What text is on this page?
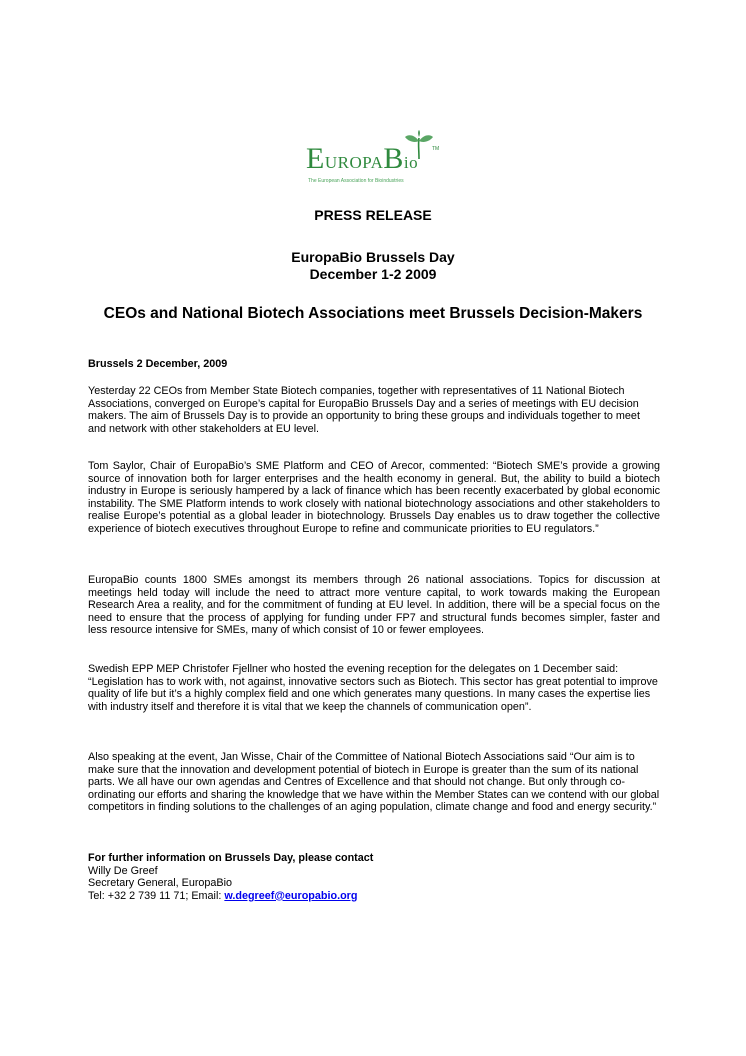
EUROPABio
TM
The European Association for Bioindustries
PRESS RELEASE
EuropaBio Brussels Day
December 1-2 2009
CEOs and National Biotech Associations meet Brussels Decision-Makers
Brussels 2 December, 2009

Yesterday 22 CEOs from Member State Biotech companies, together with representatives of 11 National Biotech Associations, converged on Europe’s capital for EuropaBio Brussels Day and a series of meetings with EU decision makers. The aim of Brussels Day is to provide an opportunity to bring these groups and individuals together to meet and network with other stakeholders at EU level.

Tom Saylor, Chair of EuropaBio’s SME Platform and CEO of Arecor, commented: “Biotech SME’s provide a growing source of innovation both for larger enterprises and the health economy in general. But, the ability to build a biotech industry in Europe is seriously hampered by a lack of finance which has been recently exacerbated by global economic instability. The SME Platform intends to work closely with national biotechnology associations and other stakeholders to realise Europe’s potential as a global leader in biotechnology. Brussels Day enables us to draw together the collective experience of biotech executives throughout Europe to refine and communicate priorities to EU regulators.”

EuropaBio counts 1800 SMEs amongst its members through 26 national associations. Topics for discussion at meetings held today will include the need to attract more venture capital, to work towards making the European Research Area a reality, and for the commitment of funding at EU level. In addition, there will be a special focus on the need to ensure that the process of applying for funding under FP7 and structural funds becomes simpler, faster and less resource intensive for SMEs, many of which consist of 10 or fewer employees.

Swedish EPP MEP Christofer Fjellner who hosted the evening reception for the delegates on 1 December said: “Legislation has to work with, not against, innovative sectors such as Biotech. This sector has great potential to improve quality of life but it’s a highly complex field and one which generates many questions. In many cases the expertise lies with industry itself and therefore it is vital that we keep the channels of communication open”.

Also speaking at the event, Jan Wisse, Chair of the Committee of National Biotech Associations said “Our aim is to make sure that the innovation and development potential of biotech in Europe is greater than the sum of its national parts. We all have our own agendas and Centres of Excellence and that should not change. But only through co-ordinating our efforts and sharing the knowledge that we have within the Member States can we contend with our global competitors in finding solutions to the challenges of an aging population, climate change and food and energy security.”

For further information on Brussels Day, please contact
Willy De Greef
Secretary General, EuropaBio
Tel: +32 2 739 11 71; Email: w.degreef@europabio.org
